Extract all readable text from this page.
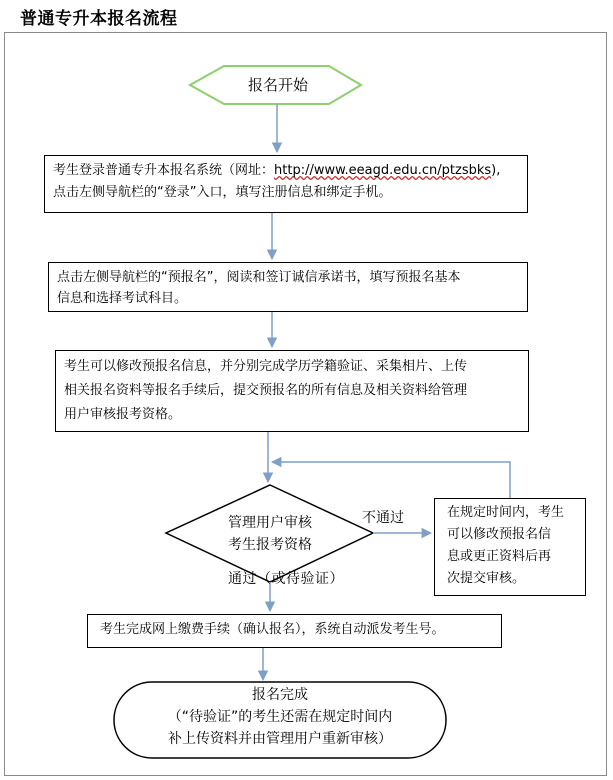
普通专升本报名流程
报名开始
考生登录普通专升本报名系统（网址：http://www.eeagd.edu.cn/ptzsbks),
点击左侧导航栏的“登录”入口，填写注册信息和绑定手机。
点击左侧导航栏的“预报名”，阅读和签订诚信承诺书，填写预报名基本
信息和选择考试科目。
考生可以修改预报名信息，并分别完成学历学籍验证、采集相片、上传
相关报名资料等报名手续后，提交预报名的所有信息及相关资料给管理
用户审核报考资格。
管理用户审核
考生报考资格
不通过	在规定时间内，考生
可以修改预报名信
息或更正资料后再
次提交审核。
通过（或待验证）
考生完成网上缴费手续（确认报名），系统自动派发考生号。
报名完成
（“待验证”的考生还需在规定时间内
补上传资料并由管理用户重新审核）
